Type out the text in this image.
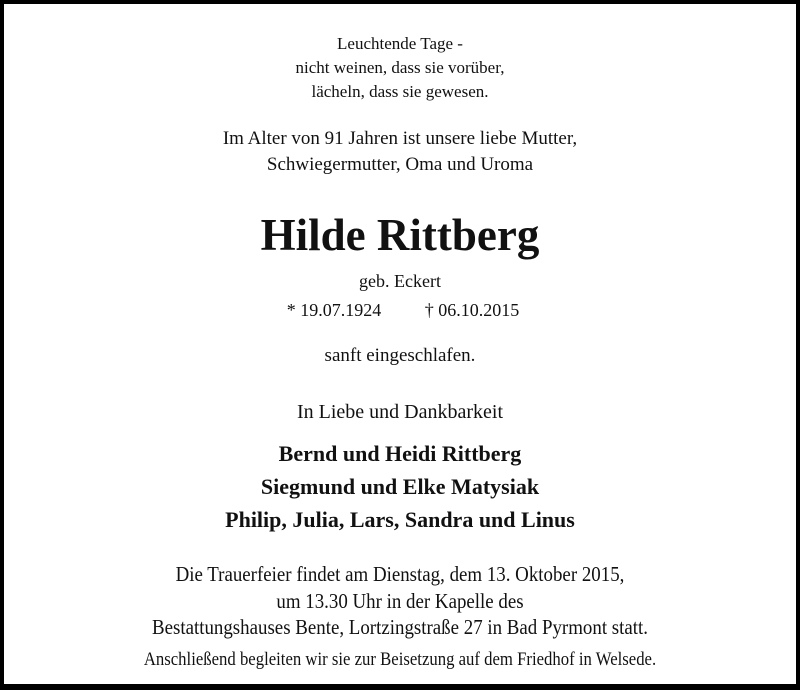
Leuchtende Tage -
nicht weinen, dass sie vorüber,
lächeln, dass sie gewesen.
Im Alter von 91 Jahren ist unsere liebe Mutter,
Schwiegermutter, Oma und Uroma
Hilde Rittberg
geb. Eckert
* 19.07.1924 † 06.10.2015
sanft eingeschlafen.
In Liebe und Dankbarkeit
Bernd und Heidi Rittberg
Siegmund und Elke Matysiak
Philip, Julia, Lars, Sandra und Linus
Die Trauerfeier findet am Dienstag, dem 13. Oktober 2015,
um 13.30 Uhr in der Kapelle des
Bestattungshauses Bente, Lortzingstraße 27 in Bad Pyrmont statt.
Anschließend begleiten wir sie zur Beisetzung auf dem Friedhof in Welsede.
